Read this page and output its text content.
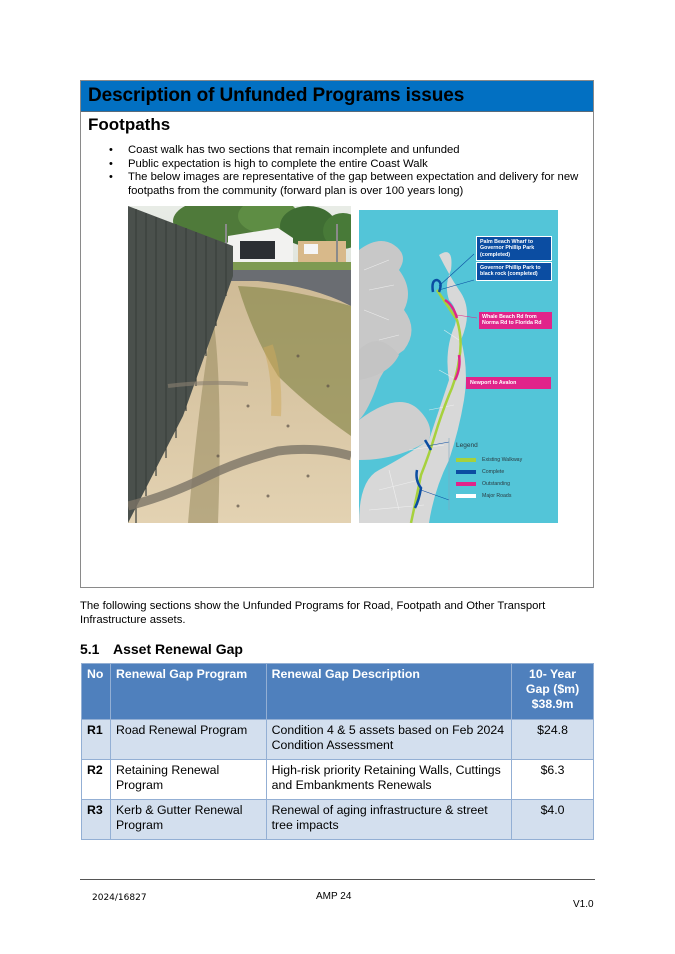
Description of Unfunded Programs issues
Footpaths
• Coast walk has two sections that remain incomplete and unfunded
• Public expectation is high to complete the entire Coast Walk
• The below images are representative of the gap between expectation and delivery for new footpaths from the community (forward plan is over 100 years long)
Palm Beach Wharf to Governor Phillip Park (completed)
Governor Phillip Park to black rock (completed)
Whale Beach Rd from Norma Rd to Florida Rd
Newport to Avalon
Legend
Existing Walkway
Complete
Outstanding
Major Roads
The following sections show the Unfunded Programs for Road, Footpath and Other Transport Infrastructure assets.
5.1 Asset Renewal Gap
No	Renewal Gap Program	Renewal Gap Description	10- Year
Gap ($m)
$38.9m

R1	Road Renewal Program	Condition 4 & 5 assets based on Feb 2024 Condition Assessment	$24.8
R2	Retaining Renewal Program	High-risk priority Retaining Walls, Cuttings and Embankments Renewals	$6.3
R3	Kerb & Gutter Renewal Program	Renewal of aging infrastructure & street tree impacts	$4.0
2024/16827	AMP 24
V1.0
